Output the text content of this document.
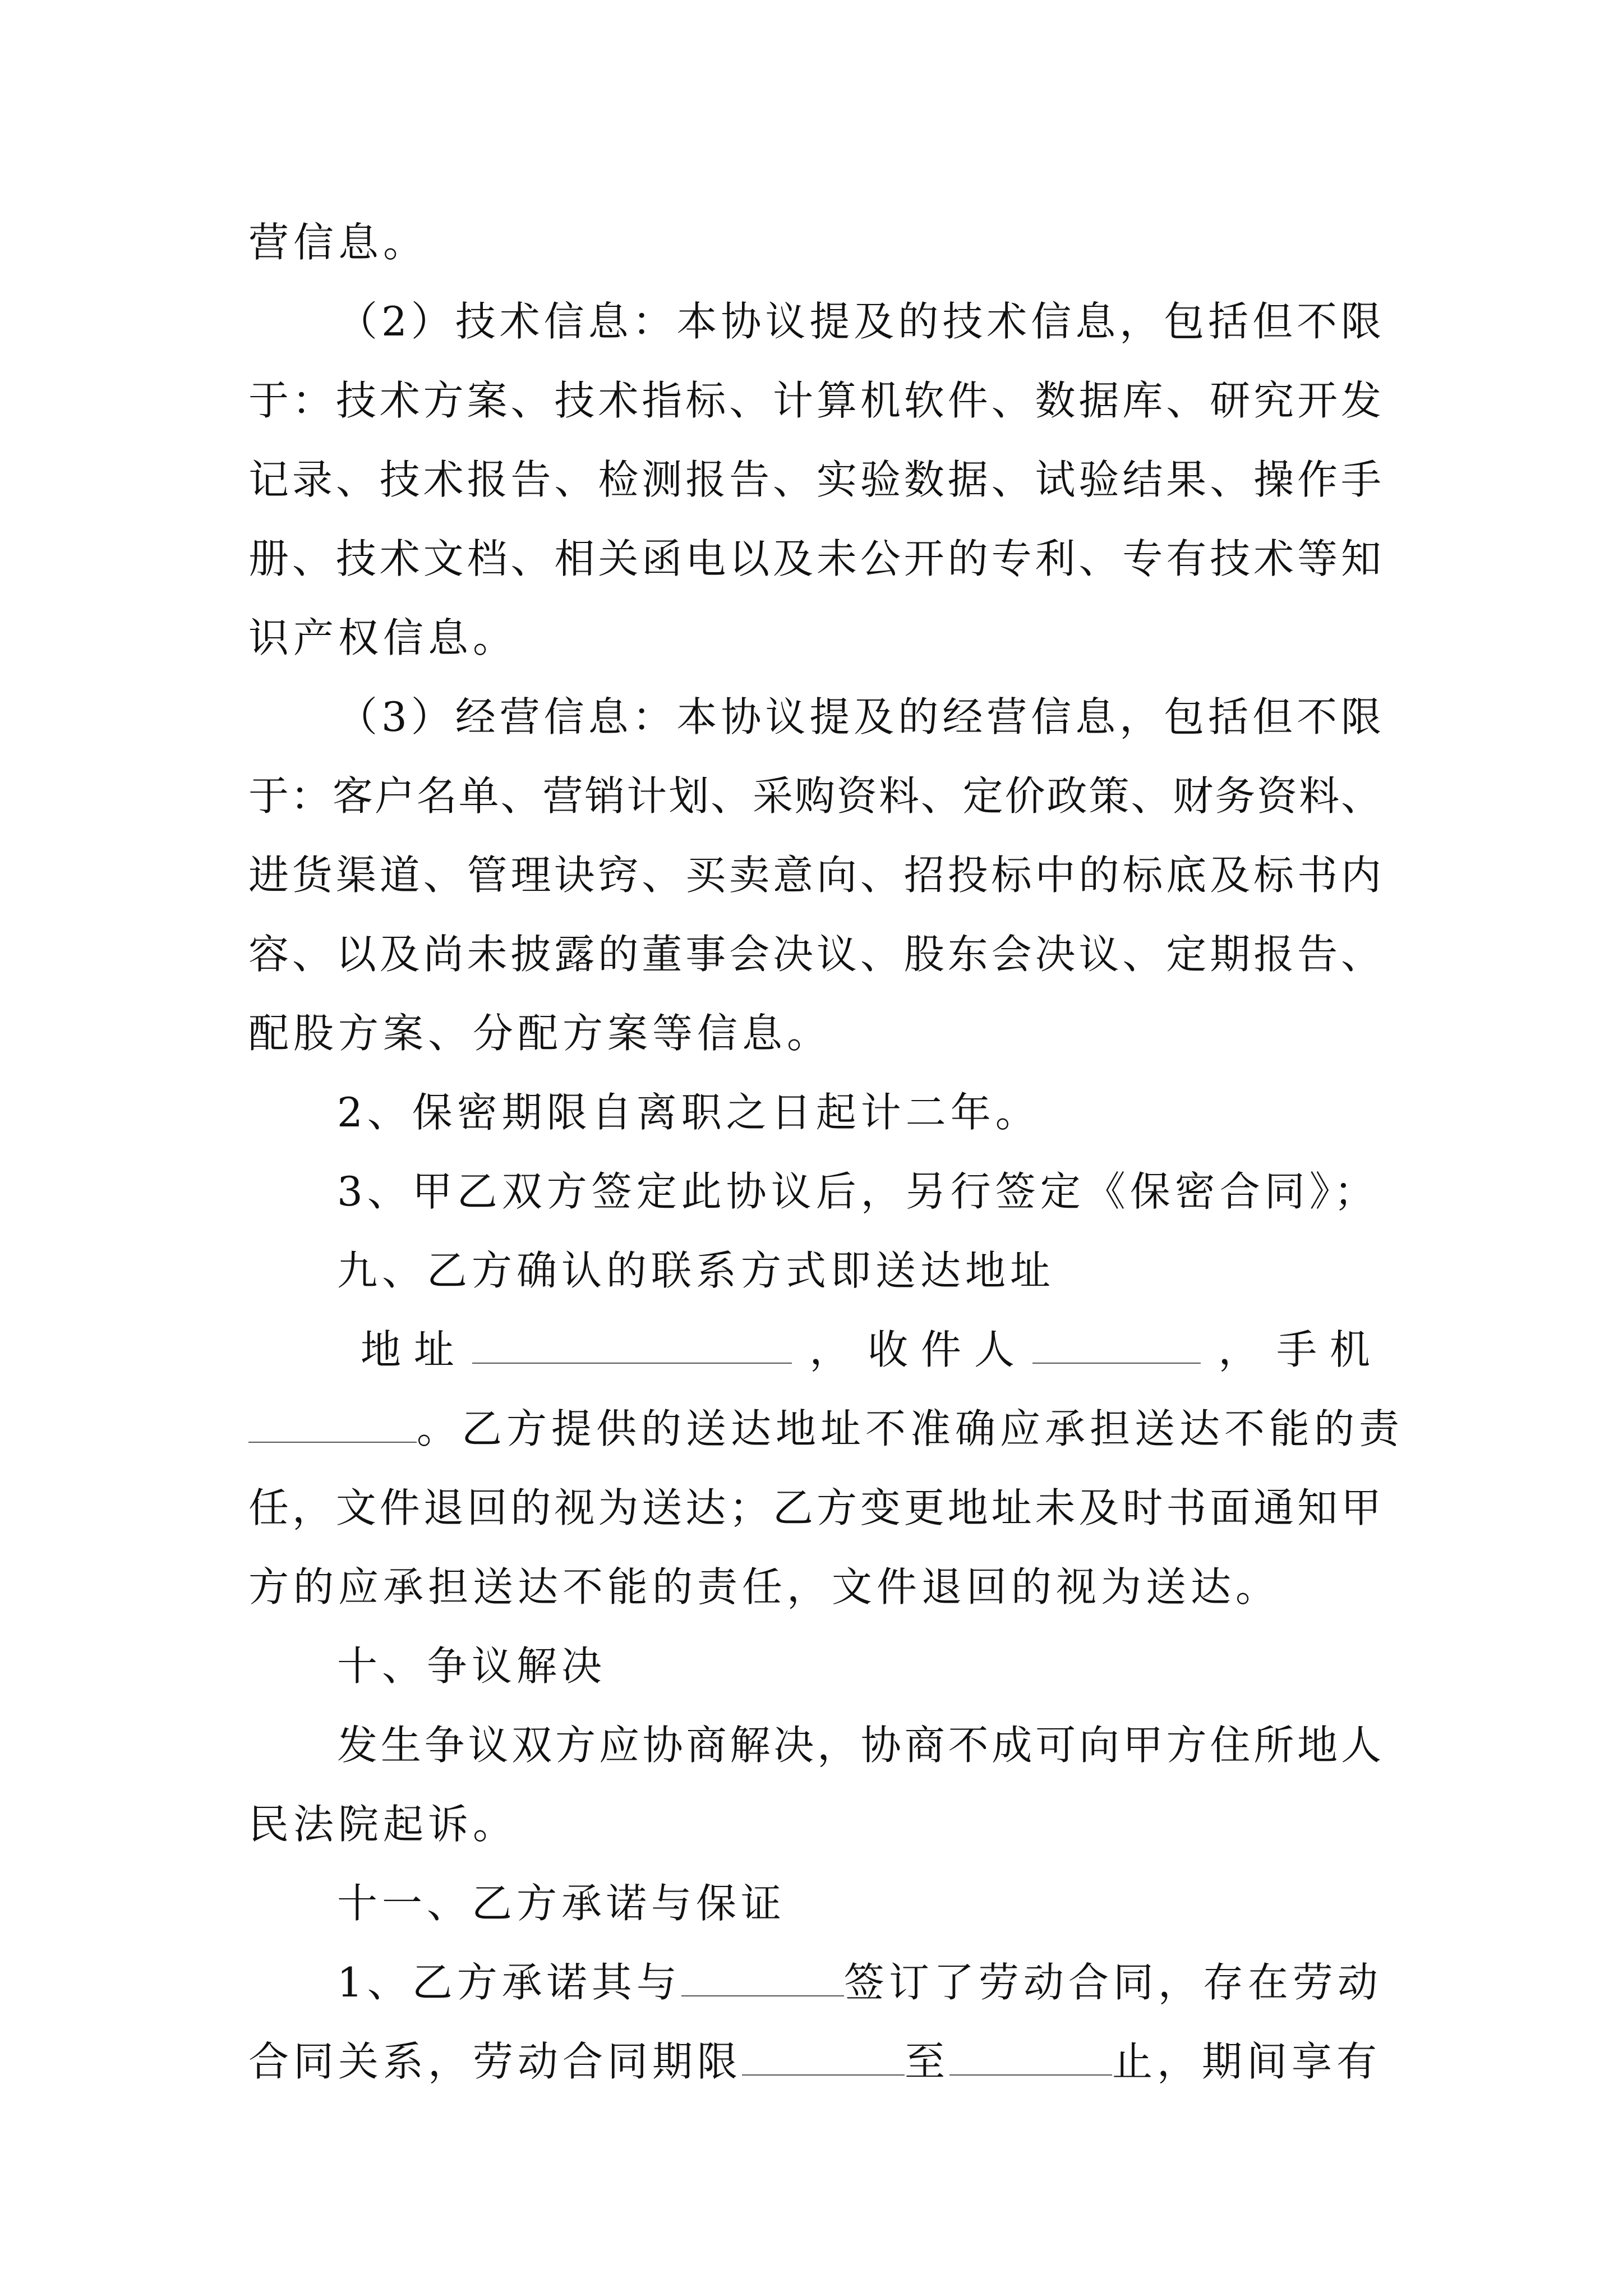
营信息。
（2）技术信息：本协议提及的技术信息，包括但不限
于：技术方案、技术指标、计算机软件、数据库、研究开发
记录、技术报告、检测报告、实验数据、试验结果、操作手
册、技术文档、相关函电以及未公开的专利、专有技术等知
识产权信息。
（3）经营信息：本协议提及的经营信息，包括但不限
于：客户名单、营销计划、采购资料、定价政策、财务资料、
进货渠道、管理诀窍、买卖意向、招投标中的标底及标书内
容、以及尚未披露的董事会决议、股东会决议、定期报告、
配股方案、分配方案等信息。
2、保密期限自离职之日起计二年。
3、甲乙双方签定此协议后，另行签定《保密合同》；
九、乙方确认的联系方式即送达地址
地 址	， 收 件 人	， 手 机
。乙方提供的送达地址不准确应承担送达不能的责
任，文件退回的视为送达；乙方变更地址未及时书面通知甲
方的应承担送达不能的责任，文件退回的视为送达。
十、争议解决
发生争议双方应协商解决，协商不成可向甲方住所地人
民法院起诉。
十一、乙方承诺与保证
1、乙方承诺其与	签订了劳动合同，存在劳动
合同关系，劳动合同期限	至	止，期间享有
